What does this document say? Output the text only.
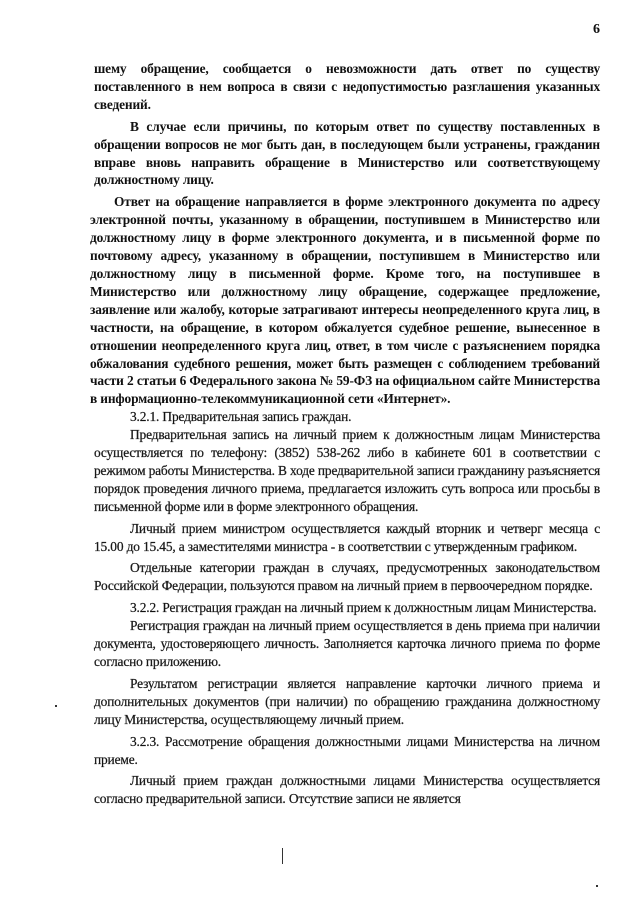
6

шему обращение, сообщается о невозможности дать ответ по существу поставленного в нем вопроса в связи с недопустимостью разглашения указанных сведений.

В случае если причины, по которым ответ по существу поставленных в обращении вопросов не мог быть дан, в последующем были устранены, гражданин вправе вновь направить обращение в Министерство или соответствующему должностному лицу.

Ответ на обращение направляется в форме электронного документа по адресу электронной почты, указанному в обращении, поступившем в Министерство или должностному лицу в форме электронного документа, и в письменной форме по почтовому адресу, указанному в обращении, поступившем в Министерство или должностному лицу в письменной форме. Кроме того, на поступившее в Министерство или должностному лицу обращение, содержащее предложение, заявление или жалобу, которые затрагивают интересы неопределенного круга лиц, в частности, на обращение, в котором обжалуется судебное решение, вынесенное в отношении неопределенного круга лиц, ответ, в том числе с разъяснением порядка обжалования судебного решения, может быть размещен с соблюдением требований части 2 статьи 6 Федерального закона № 59-ФЗ на официальном сайте Министерства в информационно-телекоммуникационной сети «Интернет».

3.2.1. Предварительная запись граждан.

Предварительная запись на личный прием к должностным лицам Министерства осуществляется по телефону: (3852) 538-262 либо в кабинете 601 в соответствии с режимом работы Министерства. В ходе предварительной записи гражданину разъясняется порядок проведения личного приема, предлагается изложить суть вопроса или просьбы в письменной форме или в форме электронного обращения.

Личный прием министром осуществляется каждый вторник и четверг месяца с 15.00 до 15.45, а заместителями министра - в соответствии с утвержденным графиком.

Отдельные категории граждан в случаях, предусмотренных законодательством Российской Федерации, пользуются правом на личный прием в первоочередном порядке.

3.2.2. Регистрация граждан на личный прием к должностным лицам Министерства.

Регистрация граждан на личный прием осуществляется в день приема при наличии документа, удостоверяющего личность. Заполняется карточка личного приема по форме согласно приложению.

Результатом регистрации является направление карточки личного приема и дополнительных документов (при наличии) по обращению гражданина должностному лицу Министерства, осуществляющему личный прием.

3.2.3. Рассмотрение обращения должностными лицами Министерства на личном приеме.

Личный прием граждан должностными лицами Министерства осуществляется согласно предварительной записи. Отсутствие записи не является
